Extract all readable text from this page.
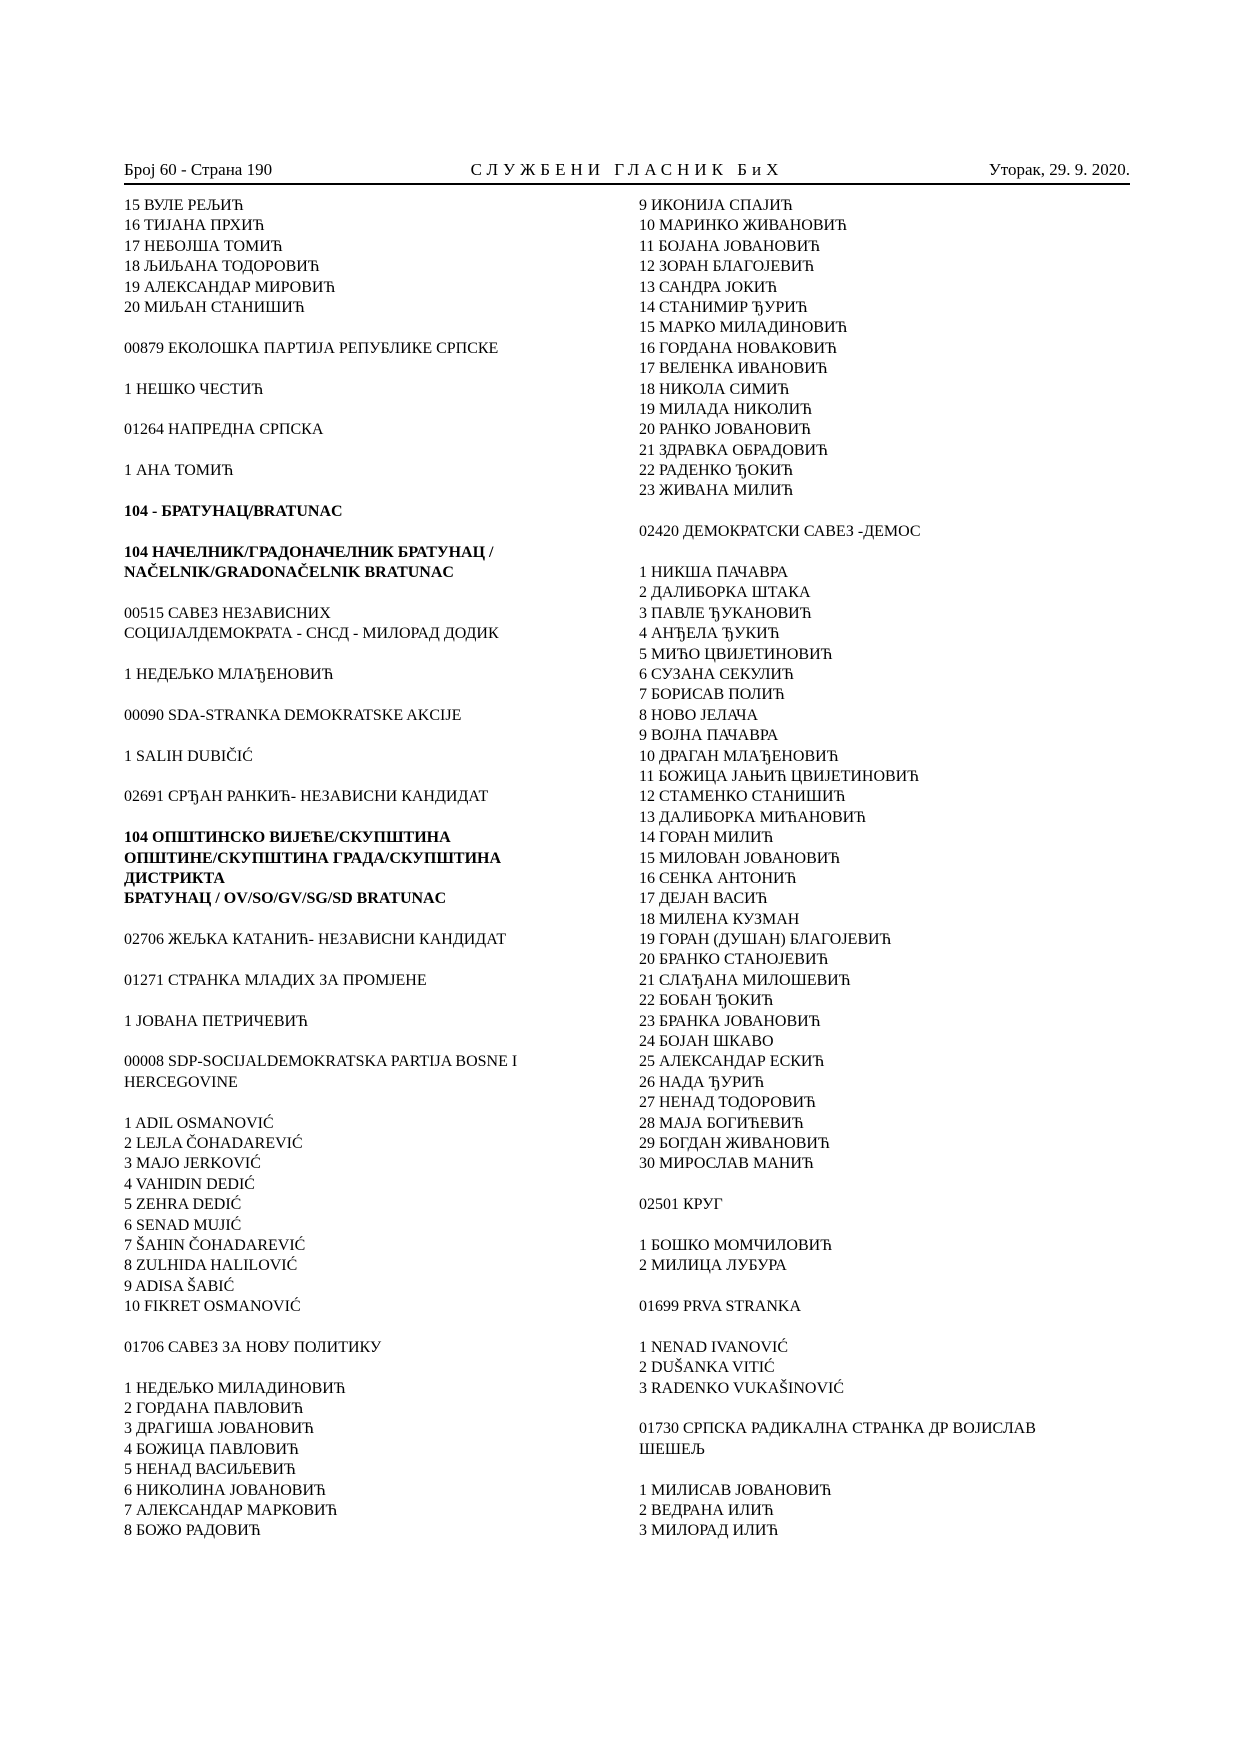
Број 60 - Страна 190	СЛУЖБЕНИ ГЛАСНИК БиХ	Уторак, 29. 9. 2020.
15 ВУЛЕ РЕЉИЋ
16 ТИЈАНА ПРХИЋ
17 НЕБОЈША ТОМИЋ
18 ЉИЉАНА ТОДОРОВИЋ
19 АЛЕКСАНДАР МИРОВИЋ
20 МИЉАН СТАНИШИЋ
00879 ЕКОЛОШКА ПАРТИЈА РЕПУБЛИКЕ СРПСКЕ
1 НЕШКО ЧЕСТИЋ
01264 НАПРЕДНА СРПСКА
1 АНА ТОМИЋ
104 - БРАТУНАЦ/BRATUNAC
104 НАЧЕЛНИК/ГРАДОНАЧЕЛНИК БРАТУНАЦ /
NAČELNIK/GRADONAČELNIK BRATUNAC
00515 САВЕЗ НЕЗАВИСНИХ
СОЦИЈАЛДЕМОКРАТА - СНСД - МИЛОРАД ДОДИК
1 НЕДЕЉКО МЛАЂЕНОВИЋ
00090 SDA-STRANKA DEMOKRATSKE AKCIJE
1 SALIH DUBIČIĆ
02691 СРЂАН РАНКИЋ- НЕЗАВИСНИ КАНДИДАТ
104 ОПШТИНСКО ВИЈЕЋЕ/СКУПШТИНА
ОПШТИНЕ/СКУПШТИНА ГРАДА/СКУПШТИНА
ДИСТРИКТА
БРАТУНАЦ / OV/SO/GV/SG/SD BRATUNAC
02706 ЖЕЉКА КАТАНИЋ- НЕЗАВИСНИ КАНДИДАТ
01271 СТРАНКА МЛАДИХ ЗА ПРОМЈЕНЕ
1 ЈОВАНА ПЕТРИЧЕВИЋ
00008 SDP-SOCIJALDEMOKRATSKA PARTIJA BOSNE I
HERCEGOVINE
1 ADIL OSMANOVIĆ
2 LEJLA ČOHADAREVIĆ
3 MAJO JERKOVIĆ
4 VAHIDIN DEDIĆ
5 ZEHRA DEDIĆ
6 SENAD MUJIĆ
7 ŠAHIN ČOHADAREVIĆ
8 ZULHIDA HALILOVIĆ
9 ADISA ŠABIĆ
10 FIKRET OSMANOVIĆ
01706 САВЕЗ ЗА НОВУ ПОЛИТИКУ
1 НЕДЕЉКО МИЛАДИНОВИЋ
2 ГОРДАНА ПАВЛОВИЋ
3 ДРАГИША ЈОВАНОВИЋ
4 БОЖИЦА ПАВЛОВИЋ
5 НЕНАД ВАСИЉЕВИЋ
6 НИКОЛИНА ЈОВАНОВИЋ
7 АЛЕКСАНДАР МАРКОВИЋ
8 БОЖО РАДОВИЋ
9 ИКОНИЈА СПАЈИЋ
10 МАРИНКО ЖИВАНОВИЋ
11 БОЈАНА ЈОВАНОВИЋ
12 ЗОРАН БЛАГОЈЕВИЋ
13 САНДРА ЈОКИЋ
14 СТАНИМИР ЂУРИЋ
15 МАРКО МИЛАДИНОВИЋ
16 ГОРДАНА НОВАКОВИЋ
17 ВЕЛЕНКА ИВАНОВИЋ
18 НИКОЛА СИМИЋ
19 МИЛАДА НИКОЛИЋ
20 РАНКО ЈОВАНОВИЋ
21 ЗДРАВКА ОБРАДОВИЋ
22 РАДЕНКО ЂОКИЋ
23 ЖИВАНА МИЛИЋ
02420 ДЕМОКРАТСКИ САВЕЗ -ДЕМОС
1 НИКША ПАЧАВРА
2 ДАЛИБОРКА ШТАКА
3 ПАВЛЕ ЂУКАНОВИЋ
4 АНЂЕЛА ЂУКИЋ
5 МИЋО ЦВИЈЕТИНОВИЋ
6 СУЗАНА СЕКУЛИЋ
7 БОРИСАВ ПОЛИЋ
8 НОВО ЈЕЛАЧА
9 ВОЈНА ПАЧАВРА
10 ДРАГАН МЛАЂЕНОВИЋ
11 БОЖИЦА ЈАЊИЋ ЦВИЈЕТИНОВИЋ
12 СТАМЕНКО СТАНИШИЋ
13 ДАЛИБОРКА МИЋАНОВИЋ
14 ГОРАН МИЛИЋ
15 МИЛОВАН ЈОВАНОВИЋ
16 СЕНКА АНТОНИЋ
17 ДЕЈАН ВАСИЋ
18 МИЛЕНА КУЗМАН
19 ГОРАН (ДУШАН) БЛАГОЈЕВИЋ
20 БРАНКО СТАНОЈЕВИЋ
21 СЛАЂАНА МИЛОШЕВИЋ
22 БОБАН ЂОКИЋ
23 БРАНКА ЈОВАНОВИЋ
24 БОЈАН ШКАВО
25 АЛЕКСАНДАР ЕСКИЋ
26 НАДА ЂУРИЋ
27 НЕНАД ТОДОРОВИЋ
28 МАЈА БОГИЋЕВИЋ
29 БОГДАН ЖИВАНОВИЋ
30 МИРОСЛАВ МАНИЋ
02501 КРУГ
1 БОШКО МОМЧИЛОВИЋ
2 МИЛИЦА ЛУБУРА
01699 PRVA STRANKA
1 NENAD IVANOVIĆ
2 DUŠANKA VITIĆ
3 RADENKO VUKAŠINOVIĆ
01730 СРПСКА РАДИКАЛНА СТРАНКА ДР ВОЈИСЛАВ
ШЕШЕЉ
1 МИЛИСАВ ЈОВАНОВИЋ
2 ВЕДРАНА ИЛИЋ
3 МИЛОРАД ИЛИЋ
